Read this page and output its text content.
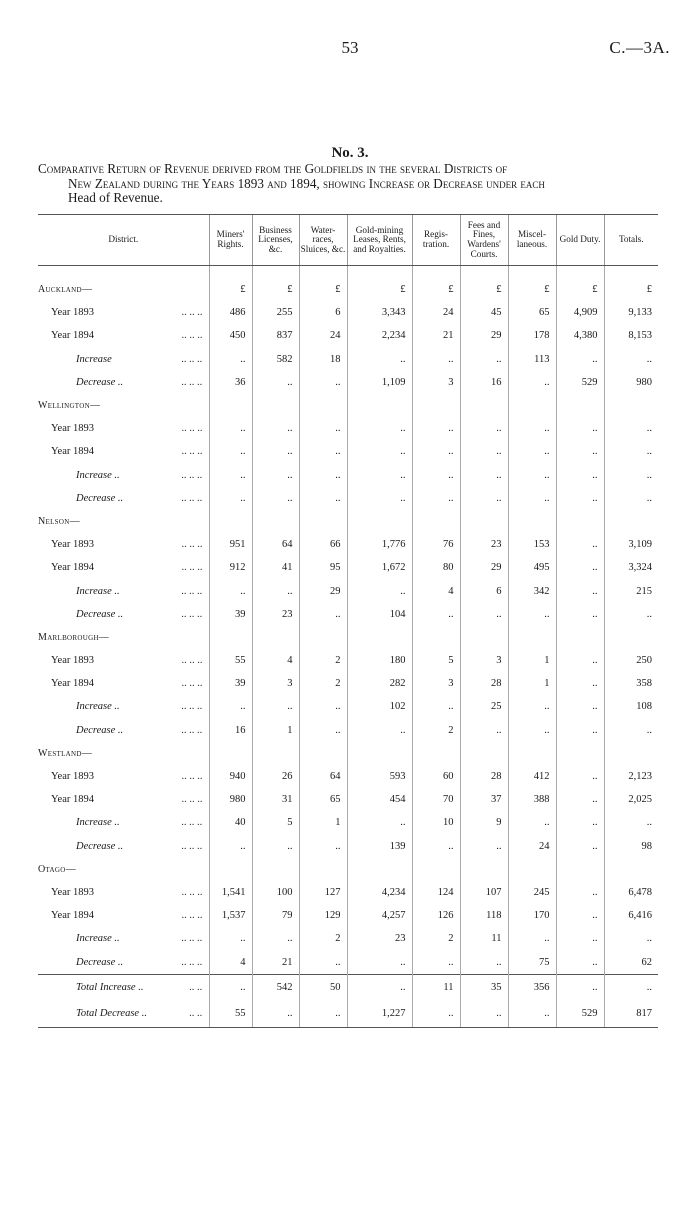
53	C.—3A.
No. 3.
Comparative Return of Revenue derived from the Goldfields in the several Districts of
New Zealand during the Years 1893 and 1894, showing Increase or Decrease under each
Head of Revenue.
District.	Miners' Rights.	Business Licenses, &c.	Water-races, Sluices, &c.	Gold-mining Leases, Rents, and Royalties.	Regis-tration.	Fees and Fines, Wardens' Courts.	Miscel-laneous.	Gold Duty.	Totals.

Auckland—	£	£	£	£	£	£	£	£	£
Year 1893 .. .. ..	486	255	6	3,343	24	45	65	4,909	9,133
Year 1894 .. .. ..	450	837	24	2,234	21	29	178	4,380	8,153
Increase .. .. ..	..	582	18	..	..	..	113	..	..
Decrease .. .. .. ..	36	..	..	1,109	3	16	..	529	980
Wellington—									
Year 1893 .. .. ..	..	..	..	..	..	..	..	..	..
Year 1894 .. .. ..	..	..	..	..	..	..	..	..	..
Increase .. .. .. ..	..	..	..	..	..	..	..	..	..
Decrease .. .. .. ..	..	..	..	..	..	..	..	..	..
Nelson—									
Year 1893 .. .. ..	951	64	66	1,776	76	23	153	..	3,109
Year 1894 .. .. ..	912	41	95	1,672	80	29	495	..	3,324
Increase .. .. .. ..	..	..	29	..	4	6	342	..	215
Decrease .. .. .. ..	39	23	..	104	..	..	..	..	..
Marlborough—									
Year 1893 .. .. ..	55	4	2	180	5	3	1	..	250
Year 1894 .. .. ..	39	3	2	282	3	28	1	..	358
Increase .. .. .. ..	..	..	..	102	..	25	..	..	108
Decrease .. .. .. ..	16	1	..	..	2	..	..	..	..
Westland—									
Year 1893 .. .. ..	940	26	64	593	60	28	412	..	2,123
Year 1894 .. .. ..	980	31	65	454	70	37	388	..	2,025
Increase .. .. .. ..	40	5	1	..	10	9	..	..	..
Decrease .. .. .. ..	..	..	..	139	..	..	24	..	98
Otago—									
Year 1893 .. .. ..	1,541	100	127	4,234	124	107	245	..	6,478
Year 1894 .. .. ..	1,537	79	129	4,257	126	118	170	..	6,416
Increase .. .. .. ..	..	..	2	23	2	11	..	..	..
Decrease .. .. .. ..	4	21	..	..	..	..	75	..	62
Total Increase .. .. ..	..	542	50	..	11	35	356	..	..
Total Decrease .. .. ..	55	..	..	1,227	..	..	..	529	817
